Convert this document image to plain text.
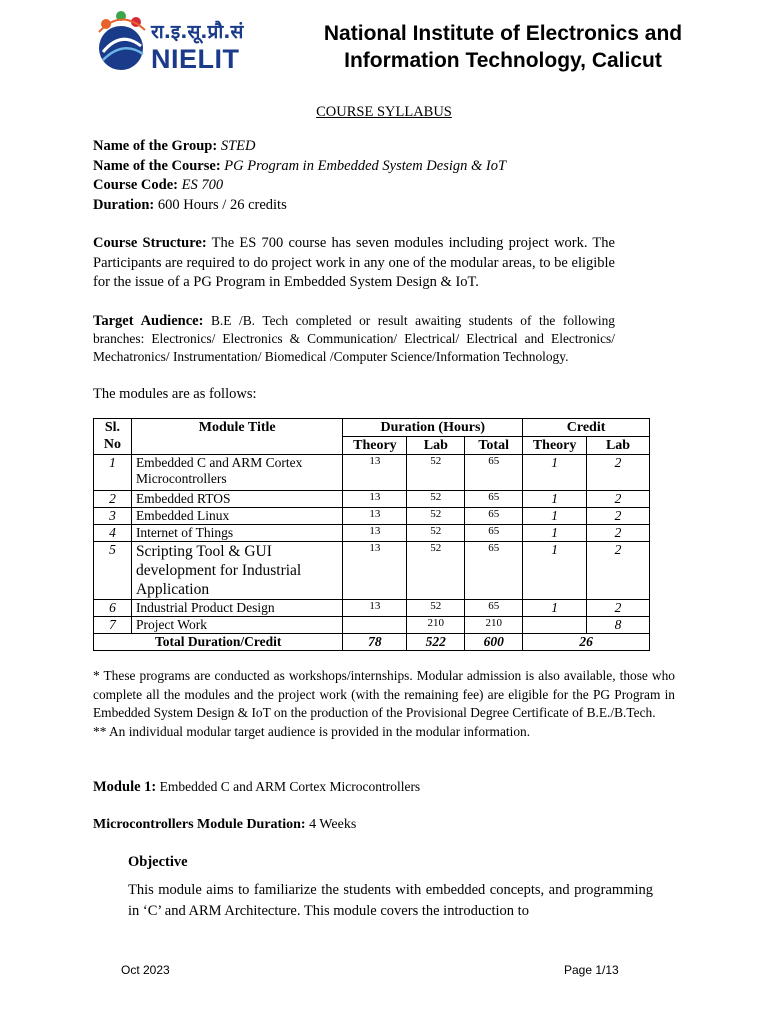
रा.इ.सू.प्रौ.सं
NIELIT
National Institute of Electronics and
Information Technology, Calicut
COURSE SYLLABUS
Name of the Group: STED
Name of the Course: PG Program in Embedded System Design & IoT
Course Code: ES 700
Duration: 600 Hours / 26 credits
Course Structure: The ES 700 course has seven modules including project work. The Participants are required to do project work in any one of the modular areas, to be eligible for the issue of a PG Program in Embedded System Design & IoT.
Target Audience: B.E /B. Tech completed or result awaiting students of the following branches: Electronics/ Electronics & Communication/ Electrical/ Electrical and Electronics/ Mechatronics/ Instrumentation/ Biomedical /Computer Science/Information Technology.
The modules are as follows:
Sl. No	Module Title	Duration (Hours)			Credit	
		Theory	Lab	Total	Theory	Lab
1	Embedded C and ARM Cortex Microcontrollers	13	52	65	1	2
2	Embedded RTOS	13	52	65	1	2
3	Embedded Linux	13	52	65	1	2
4	Internet of Things	13	52	65	1	2
5	Scripting Tool & GUI development for Industrial Application	13	52	65	1	2
6	Industrial Product Design	13	52	65	1	2
7	Project Work		210	210		8
Total Duration/Credit		78	522	600	26	
* These programs are conducted as workshops/internships. Modular admission is also available, those who complete all the modules and the project work (with the remaining fee) are eligible for the PG Program in Embedded System Design & IoT on the production of the Provisional Degree Certificate of B.E./B.Tech.
** An individual modular target audience is provided in the modular information.
Module 1: Embedded C and ARM Cortex Microcontrollers
Microcontrollers Module Duration: 4 Weeks
Objective
This module aims to familiarize the students with embedded concepts, and programming in ‘C’ and ARM Architecture. This module covers the introduction to
Oct 2023	Page 1/13
